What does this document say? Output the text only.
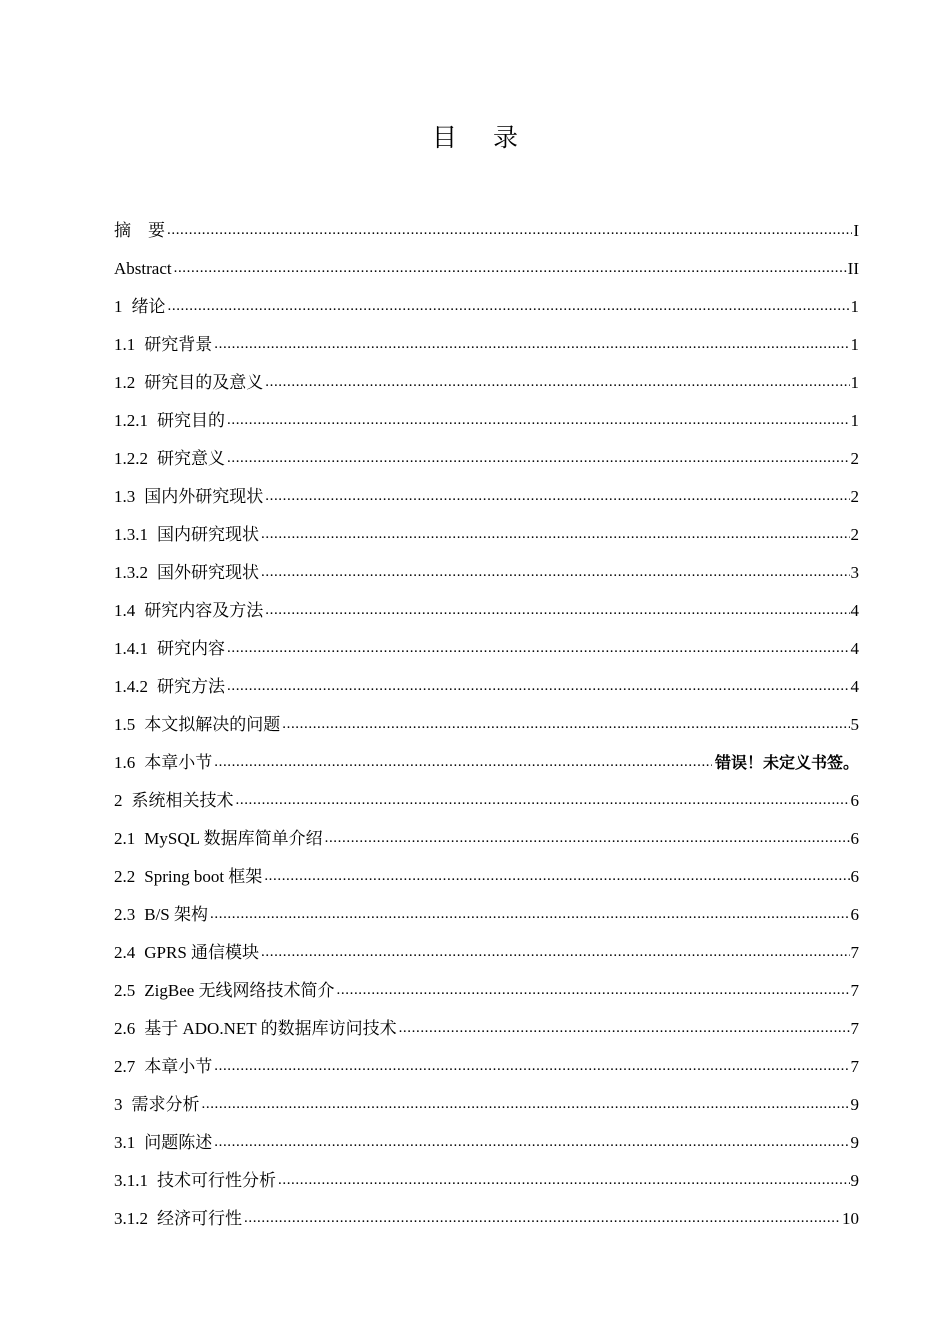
目 录
摘　要 .....	I
Abstract .....	II
1 绪论 .....	1
1.1 研究背景 .....	1
1.2 研究目的及意义 .....	1
1.2.1 研究目的 .....	1
1.2.2 研究意义 .....	2
1.3 国内外研究现状 .....	2
1.3.1 国内研究现状 .....	2
1.3.2 国外研究现状 .....	3
1.4 研究内容及方法 .....	4
1.4.1 研究内容 .....	4
1.4.2 研究方法 .....	4
1.5 本文拟解决的问题 .....	5
1.6 本章小节 .....	错误！未定义书签。
2 系统相关技术 .....	6
2.1 MySQL 数据库简单介绍 .....	6
2.2 Spring boot 框架 .....	6
2.3 B/S 架构 .....	6
2.4 GPRS 通信模块 .....	7
2.5 ZigBee 无线网络技术简介 .....	7
2.6 基于 ADO.NET 的数据库访问技术 .....	7
2.7 本章小节 .....	7
3 需求分析 .....	9
3.1 问题陈述 .....	9
3.1.1 技术可行性分析 .....	9
3.1.2 经济可行性 .....	10
